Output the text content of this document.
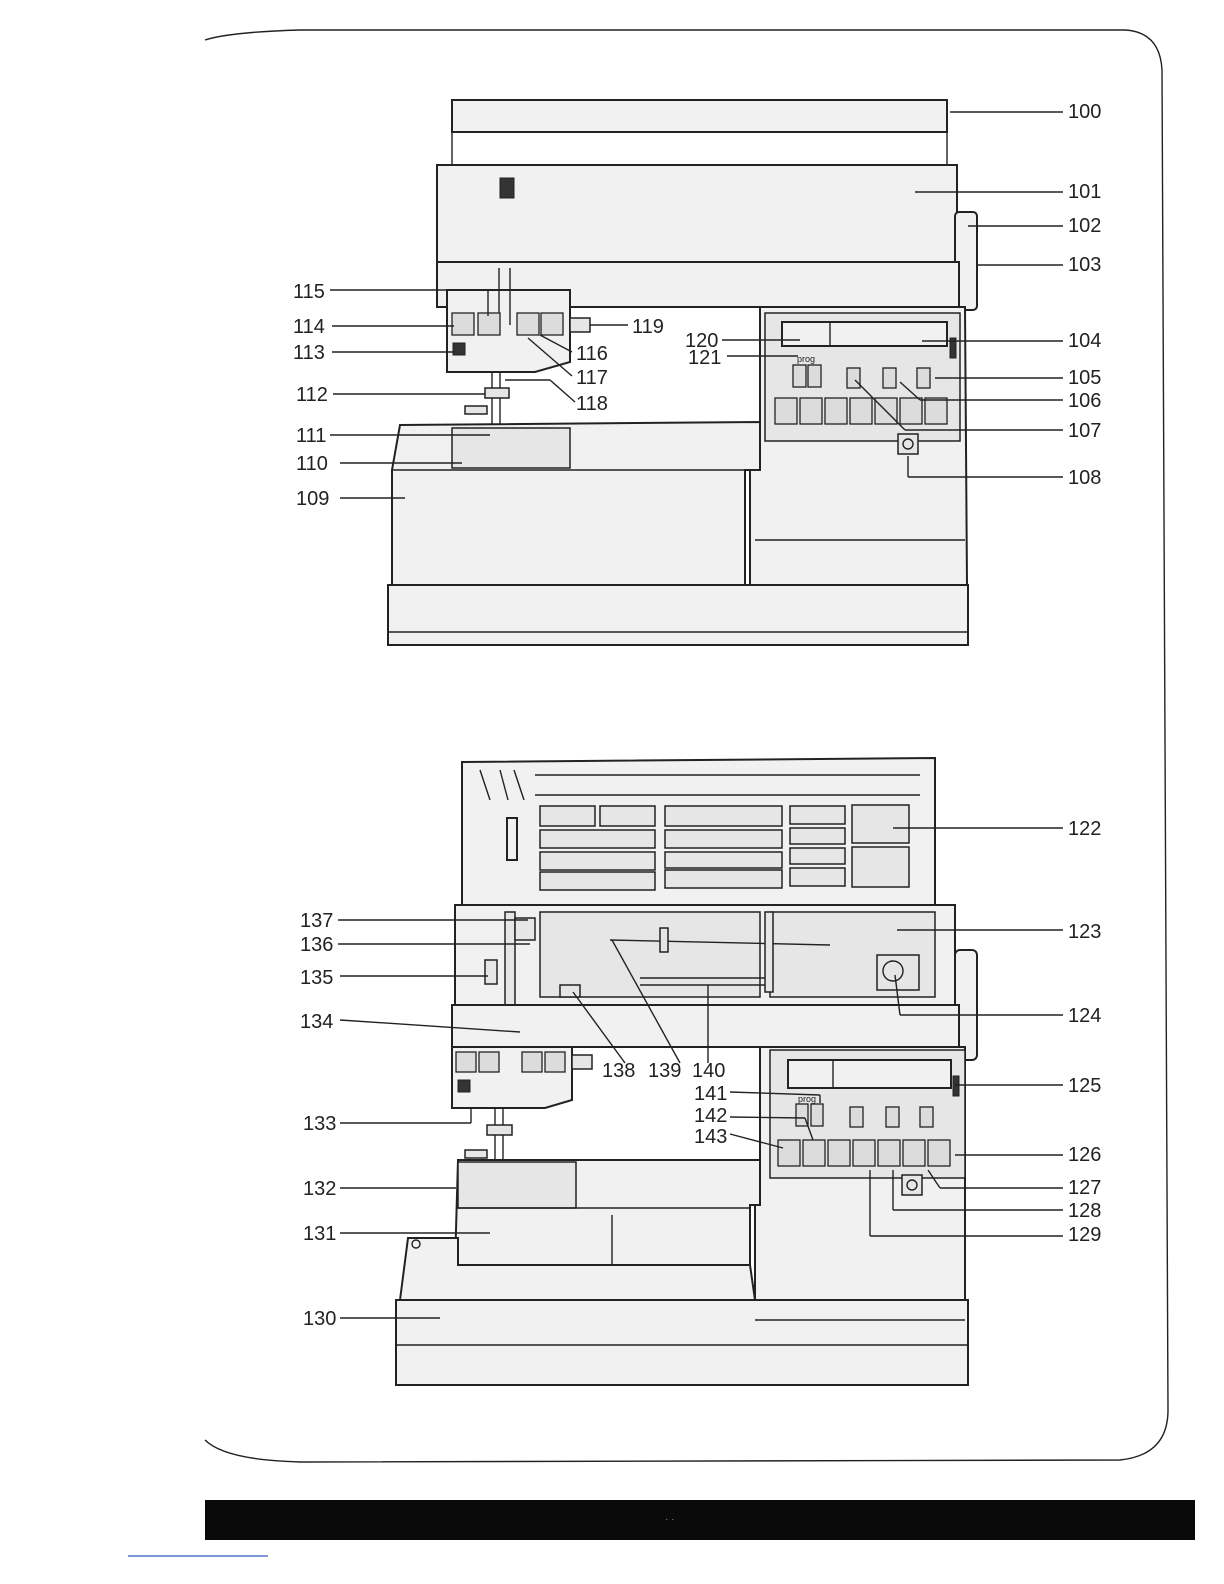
prog
100
101
102
103
104
105
106
107
108
109
110
111
112
113
114
115
116
117
118
119
120
121
prog
122
123
124
125
126
127
128
129
130
131
132
133
134
135
136
137
138 139 140
141
142
143
· ·
